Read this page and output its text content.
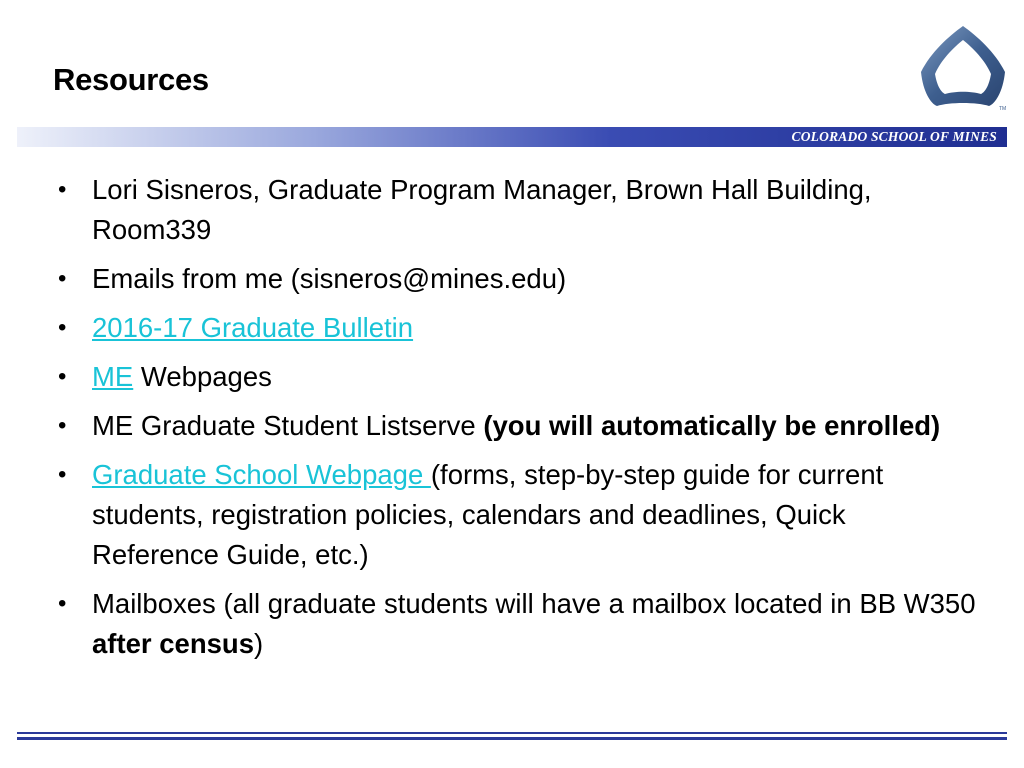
Resources
TM
COLORADO SCHOOL OF MINES
• Lori Sisneros, Graduate Program Manager, Brown Hall Building, Room339
• Emails from me (sisneros@mines.edu)
• 2016-17 Graduate Bulletin
• ME Webpages
• ME Graduate Student Listserve (you will automatically be enrolled)
• Graduate School Webpage (forms, step-by-step guide for current students, registration policies, calendars and deadlines, Quick Reference Guide, etc.)
• Mailboxes (all graduate students will have a mailbox located in BB W350 after census)
